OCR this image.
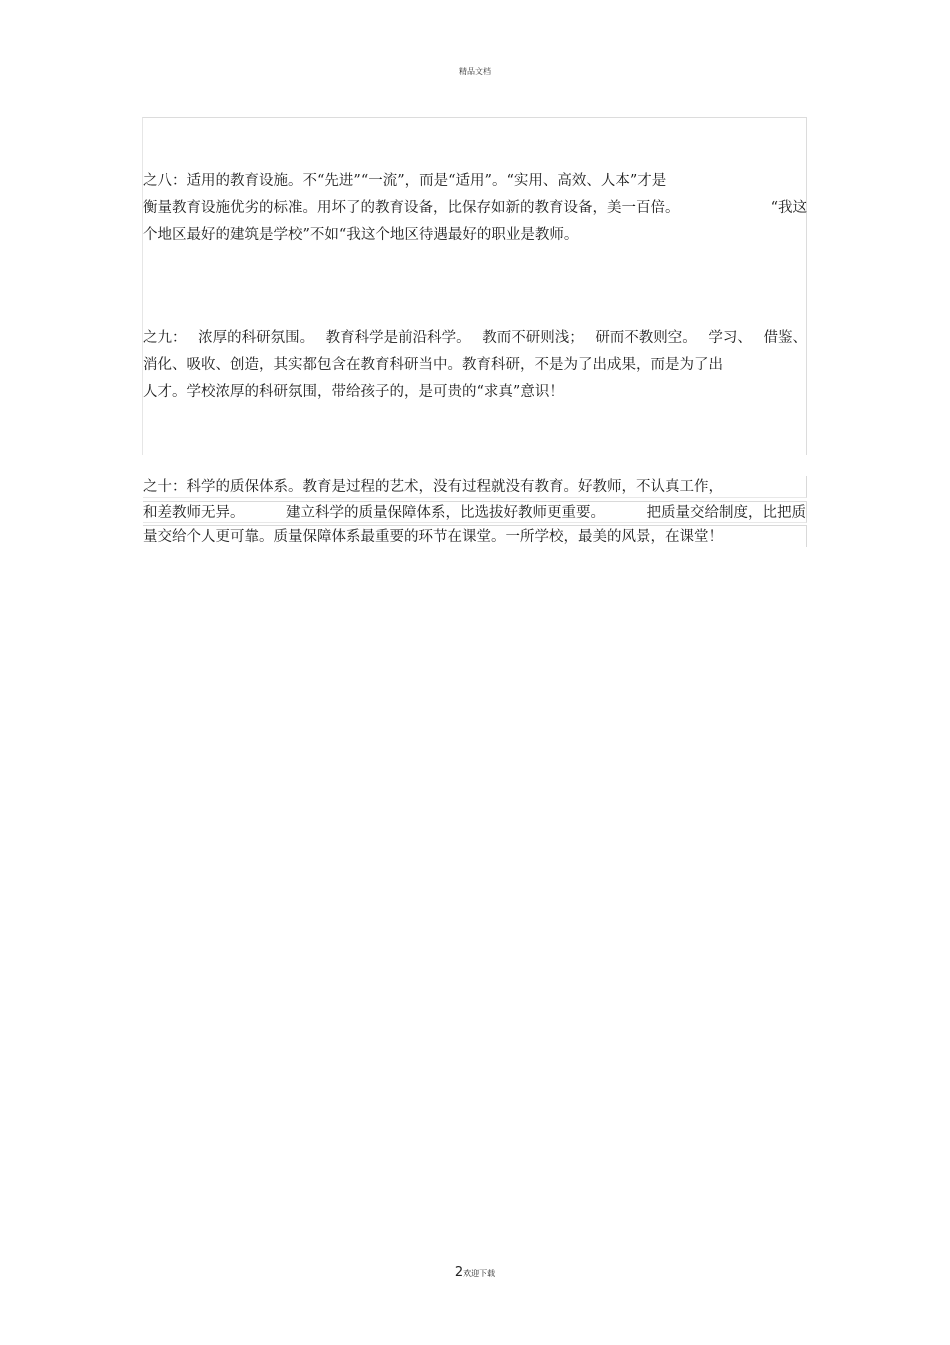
精品文档
之八：适用的教育设施。不“先进”“一流”，而是“适用”。“实用、高效、人本”才是
衡量教育设施优劣的标准。用坏了的教育设备，比保存如新的教育设备，美一百倍。	“我这
个地区最好的建筑是学校”不如“我这个地区待遇最好的职业是教师。
之九： 浓厚的科研氛围。 教育科学是前沿科学。 教而不研则浅； 研而不教则空。 学习、 借鉴、
消化、吸收、创造，其实都包含在教育科研当中。教育科研，不是为了出成果，而是为了出
人才。学校浓厚的科研氛围，带给孩子的，是可贵的“求真”意识！
之十：科学的质保体系。教育是过程的艺术，没有过程就没有教育。好教师，不认真工作，
和差教师无异。	建立科学的质量保障体系，比选拔好教师更重要。	把质量交给制度，比把质
量交给个人更可靠。质量保障体系最重要的环节在课堂。一所学校，最美的风景，在课堂！
2欢迎下载
